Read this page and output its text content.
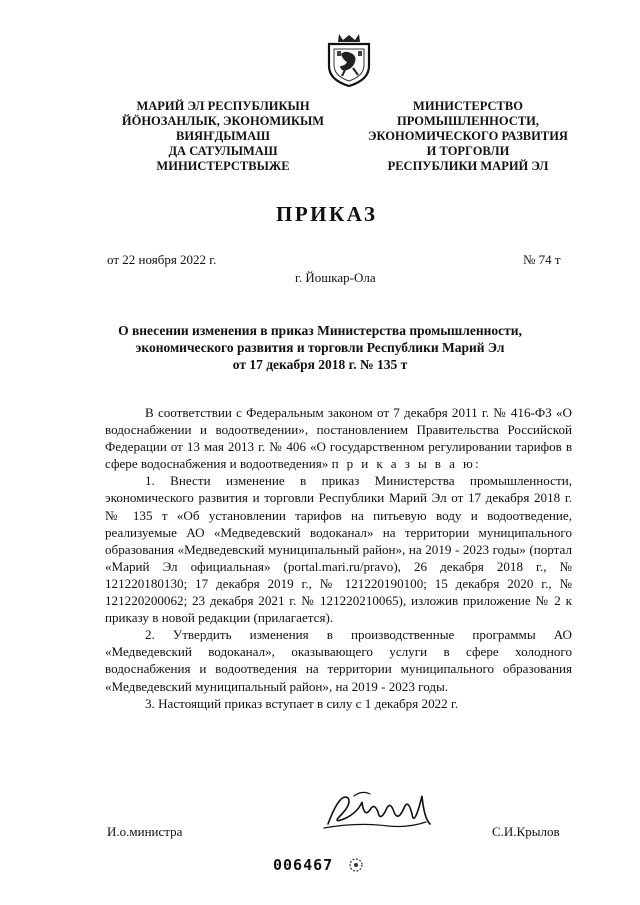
МАРИЙ ЭЛ РЕСПУБЛИКЫН
ЙÖНОЗАНЛЫК, ЭКОНОМИКЫМ
ВИЯҤДЫМАШ
ДА САТУЛЫМАШ
МИНИСТЕРСТВЫЖЕ
МИНИСТЕРСТВО
ПРОМЫШЛЕННОСТИ,
ЭКОНОМИЧЕСКОГО РАЗВИТИЯ
И ТОРГОВЛИ
РЕСПУБЛИКИ МАРИЙ ЭЛ
ПРИКАЗ
от 22 ноября 2022 г.	№ 74 т
г. Йошкар-Ола
О внесении изменения в приказ Министерства промышленности,
экономического развития и торговли Республики Марий Эл
от 17 декабря 2018 г. № 135 т

В соответствии с Федеральным законом от 7 декабря 2011 г. № 416-ФЗ «О водоснабжении и водоотведении», постановлением Правительства Российской Федерации от 13 мая 2013 г. № 406 «О государственном регулировании тарифов в сфере водоснабжения и водоотведения» п р и к а з ы в а ю:

1. Внести изменение в приказ Министерства промышленности, экономического развития и торговли Республики Марий Эл от 17 декабря 2018 г. № 135 т «Об установлении тарифов на питьевую воду и водоотведение, реализуемые АО «Медведевский водоканал» на территории муниципального образования «Медведевский муниципальный район», на 2019 - 2023 годы» (портал «Марий Эл официальная» (portal.mari.ru/pravo), 26 декабря 2018 г., № 121220180130; 17 декабря 2019 г., № 121220190100; 15 декабря 2020 г., № 121220200062; 23 декабря 2021 г. № 121220210065), изложив приложение № 2 к приказу в новой редакции (прилагается).

2. Утвердить изменения в производственные программы АО «Медведевский водоканал», оказывающего услуги в сфере холодного водоснабжения и водоотведения на территории муниципального образования «Медведевский муниципальный район», на 2019 - 2023 годы.

3. Настоящий приказ вступает в силу с 1 декабря 2022 г.

И.о.министра	С.И.Крылов
006467
